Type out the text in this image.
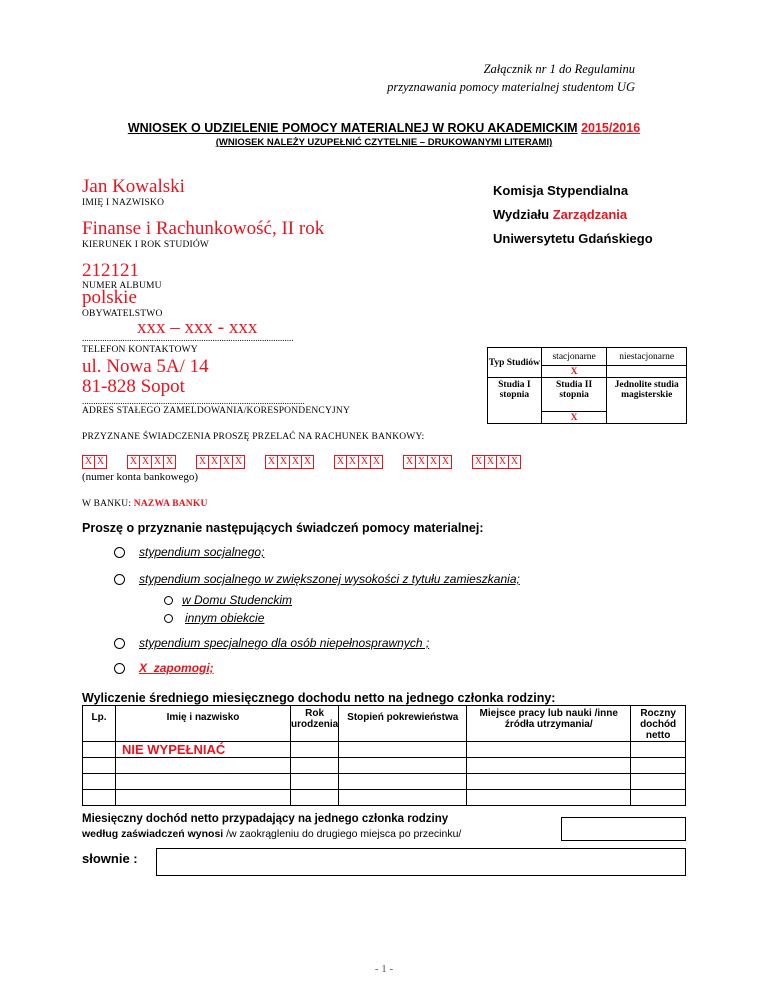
Załącznik nr 1 do Regulaminu
przyznawania pomocy materialnej studentom UG
WNIOSEK O UDZIELENIE POMOCY MATERIALNEJ W ROKU AKADEMICKIM 2015/2016
(WNIOSEK NALEŻY UZUPEŁNIĆ CZYTELNIE – DRUKOWANYMI LITERAMI)
Jan Kowalski
IMIĘ I NAZWISKO
Finanse i Rachunkowość, II rok
KIERUNEK I ROK STUDIÓW
212121
NUMER ALBUMU
polskie
OBYWATELSTWO
xxx – xxx - xxx
..............................................................................................
TELEFON KONTAKTOWY
ul. Nowa 5A/ 14
81-828 Sopot
...................................................................................................
ADRES STAŁEGO ZAMELDOWANIA/KORESPONDENCYJNY
Komisja Stypendialna
Wydziału Zarządzania
Uniwersytetu Gdańskiego
Typ Studiów	stacjonarne	niestacjonarne
	X	
Studia I stopnia	Studia II stopnia	Jednolite studia magisterskie
	X	
PRZYZNANE ŚWIADCZENIA PROSZĘ PRZELAĆ NA RACHUNEK BANKOWY:
X X	X X X X	X X X X	X X X X	X X X X	X X X X	X X X X
(numer konta bankowego)
W BANKU: NAZWA BANKU
Proszę o przyznanie następujących świadczeń pomocy materialnej:
stypendium socjalnego;
stypendium socjalnego w zwiększonej wysokości z tytułu zamieszkania;
w Domu Studenckim
innym obiekcie
stypendium specjalnego dla osób niepełnosprawnych ;
X zapomogi;
Wyliczenie średniego miesięcznego dochodu netto na jednego członka rodziny:
Lp.	Imię i nazwisko	Rok urodzenia	Stopień pokrewieństwa	Miejsce pracy lub nauki /inne źródła utrzymania/	Roczny dochód netto
	NIE WYPEŁNIAĆ				

Miesięczny dochód netto przypadający na jednego członka rodziny
według zaświadczeń wynosi /w zaokrągleniu do drugiego miejsca po przecinku/
słownie :
- 1 -
